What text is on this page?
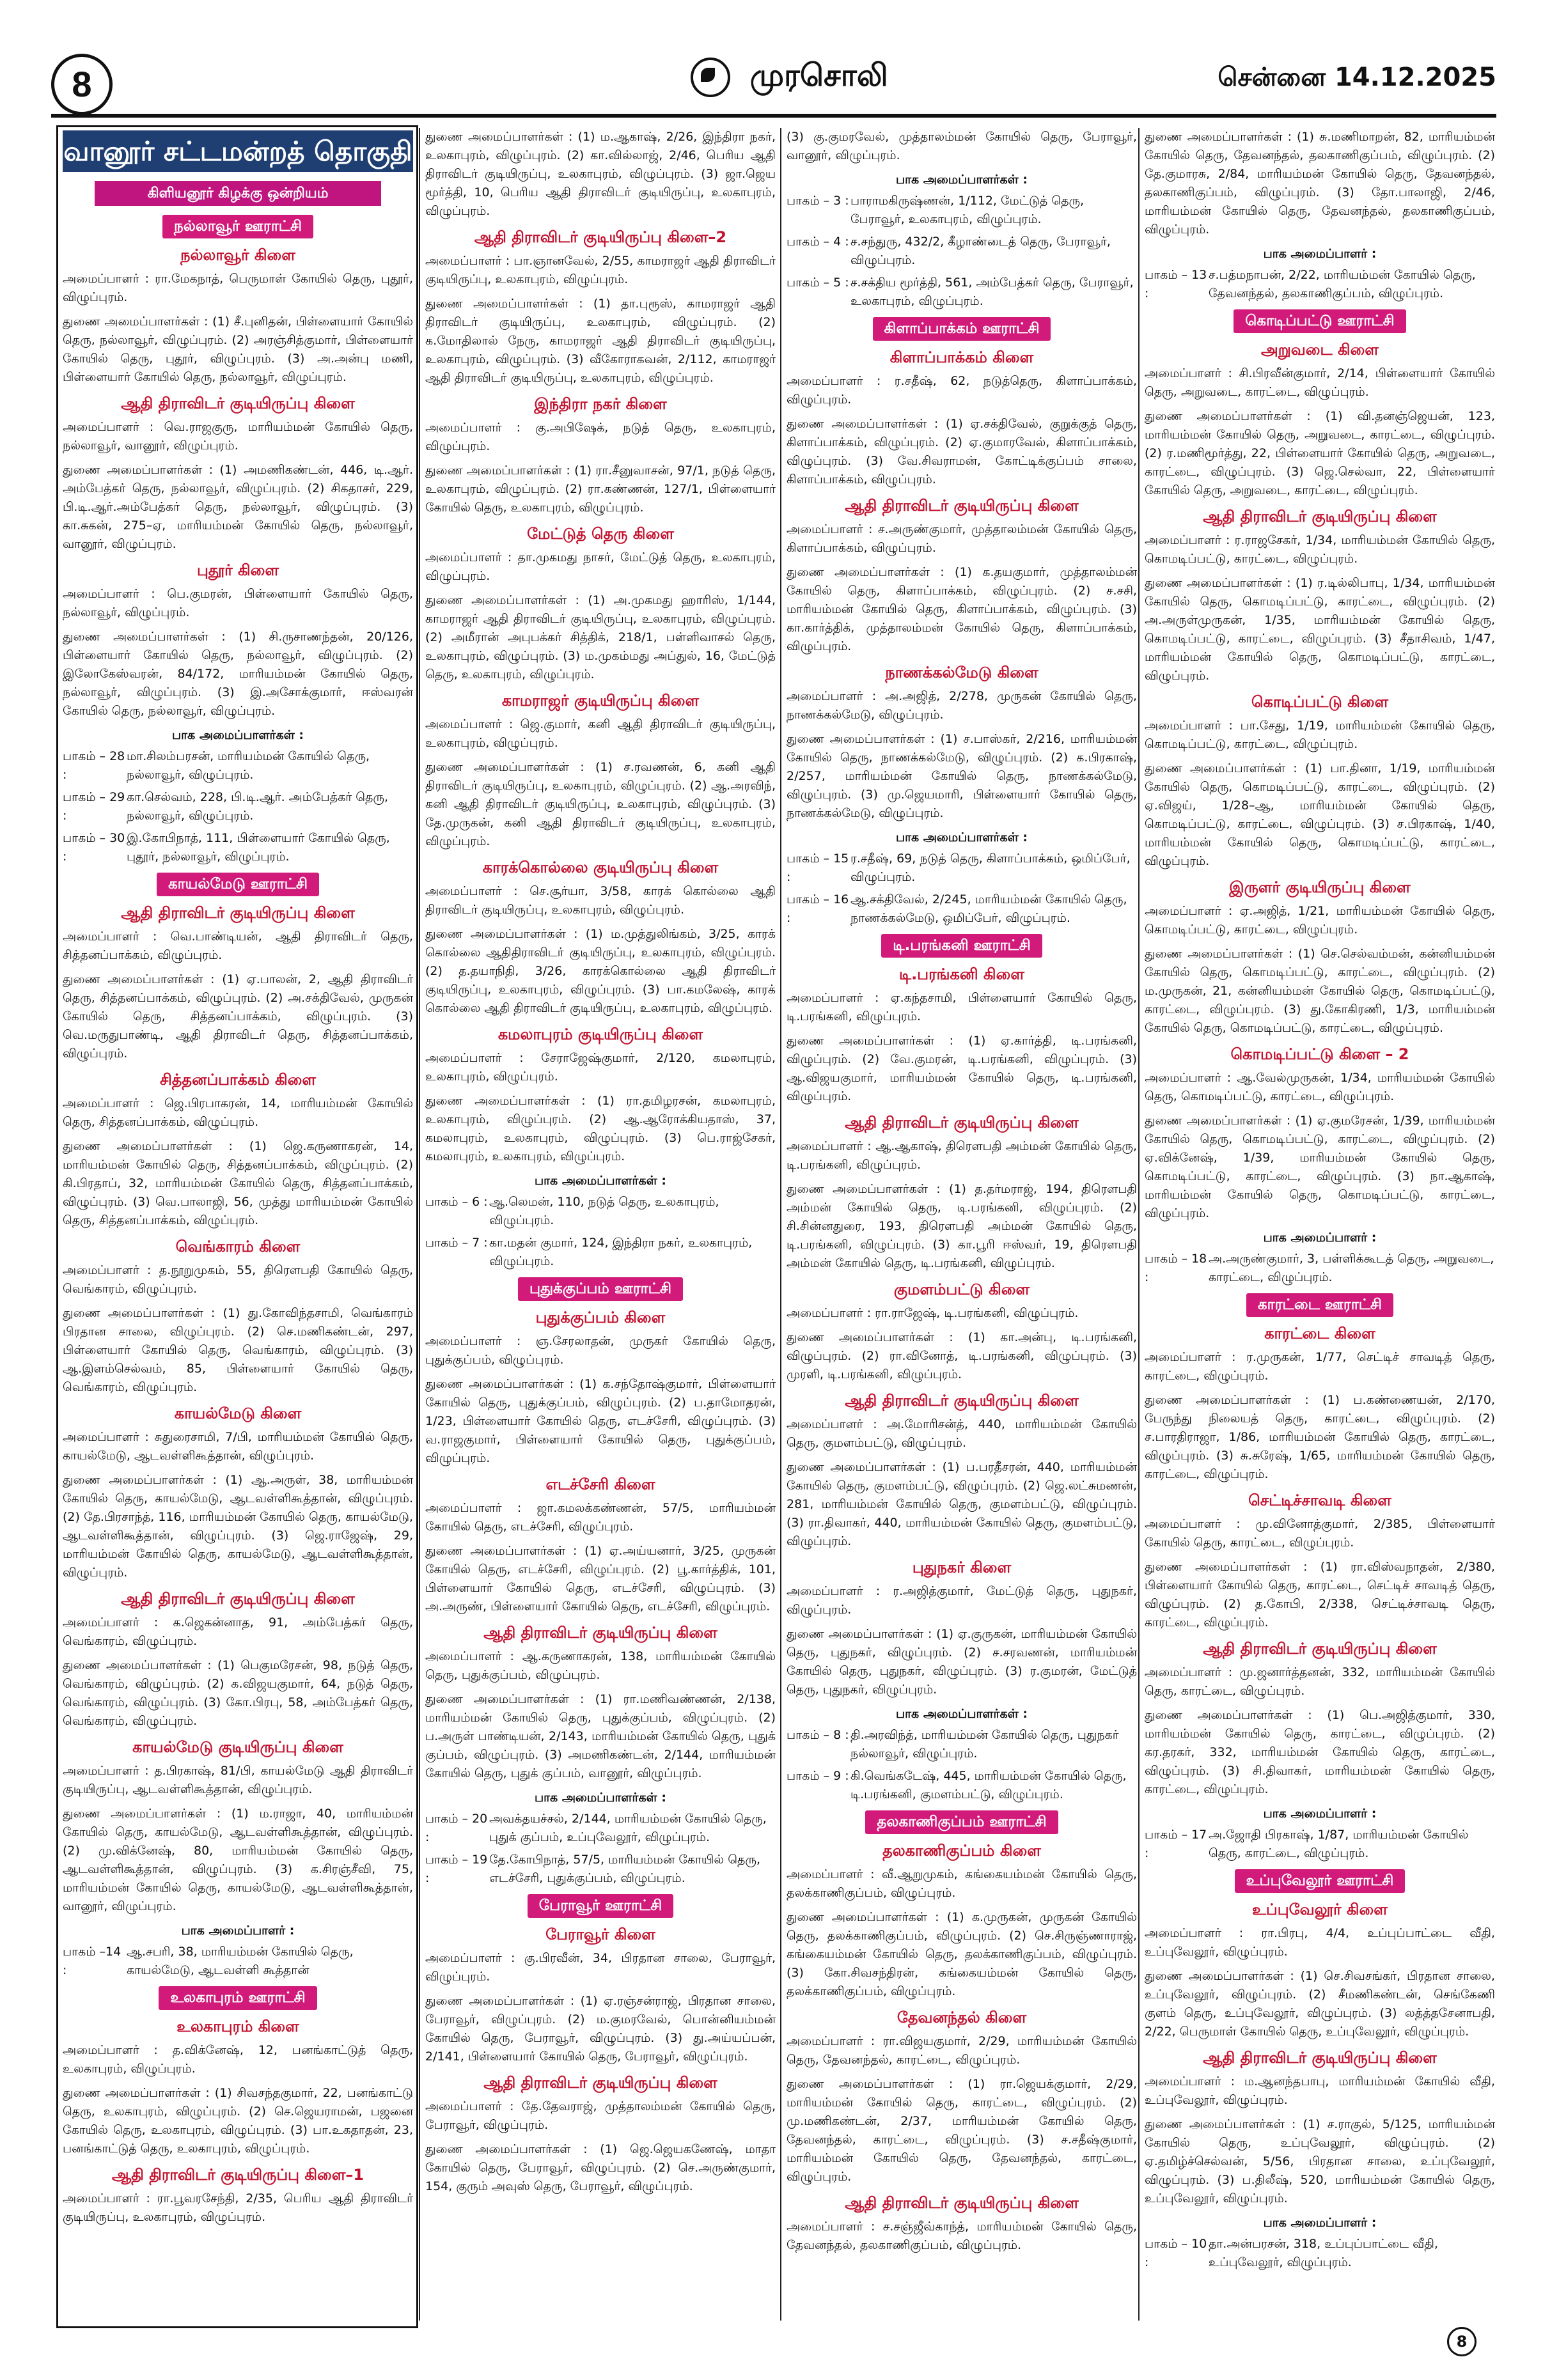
8	முரசொலி	சென்னை 14.12.2025
வானூர் சட்டமன்றத் தொகுதி
கிளியனூர் கிழக்கு ஒன்றியம்
நல்லாவூர் ஊராட்சி
நல்லாவூர் கிளை

அமைப்பாளர் : ரா.மேகநாத், பெருமாள் கோயில் தெரு, புதூர், விழுப்புரம்.

துணை அமைப்பாளர்கள் : (1) சீ.புனிதன், பிள்ளையார் கோயில் தெரு, நல்லாவூர், விழுப்புரம். (2) அரஞ்சித்குமார், பிள்ளையார் கோயில் தெரு, புதூர், விழுப்புரம். (3) அ.அன்பு மணி, பிள்ளையார் கோயில் தெரு, நல்லாவூர், விழுப்புரம்.

ஆதி திராவிடர் குடியிருப்பு கிளை

அமைப்பாளர் : வெ.ராஜகுரு, மாரியம்மன் கோயில் தெரு, நல்லாவூர், வானூர், விழுப்புரம்.

துணை அமைப்பாளர்கள் : (1) அமணிகண்டன், 446, டி.ஆர். அம்பேத்கர் தெரு, நல்லாவூர், விழுப்புரம். (2) சிகதாசர், 229, பி.டி.ஆர்.அம்பேத்கர் தெரு, நல்லாவூர், விழுப்புரம். (3) கா.சுகன், 275–ஏ, மாரியம்மன் கோயில் தெரு, நல்லாவூர், வானூர், விழுப்புரம்.

புதூர் கிளை

அமைப்பாளர் : பெ.குமரன், பிள்ளையார் கோயில் தெரு, நல்லாவூர், விழுப்புரம்.

துணை அமைப்பாளர்கள் : (1) சி.ருசாணந்தன், 20/126, பிள்ளையார் கோயில் தெரு, நல்லாவூர், விழுப்புரம். (2) இலோகேஸ்வரன், 84/172, மாரியம்மன் கோயில் தெரு, நல்லாவூர், விழுப்புரம். (3) இ.அசோக்குமார், ஈஸ்வரன் கோயில் தெரு, நல்லாவூர், விழுப்புரம்.

பாக அமைப்பாளர்கள் :
பாகம் – 28 :
மா.சிலம்பரசன், மாரியம்மன் கோயில் தெரு, நல்லாவூர், விழுப்புரம்.
பாகம் – 29 :
கா.செல்வம், 228, பி.டி.ஆர். அம்பேத்கர் தெரு, நல்லாவூர், விழுப்புரம்.
பாகம் – 30 :
இ.கோபிநாத், 111, பிள்ளையார் கோயில் தெரு, புதூர், நல்லாவூர், விழுப்புரம்.
காயல்மேடு ஊராட்சி
ஆதி திராவிடர் குடியிருப்பு கிளை

அமைப்பாளர் : வெ.பாண்டியன், ஆதி திராவிடர் தெரு, சித்தனப்பாக்கம், விழுப்புரம்.

துணை அமைப்பாளர்கள் : (1) ஏ.பாலன், 2, ஆதி திராவிடர் தெரு, சித்தனப்பாக்கம், விழுப்புரம். (2) அ.சக்திவேல், முருகன் கோயில் தெரு, சித்தனப்பாக்கம், விழுப்புரம். (3) வெ.மருதுபாண்டி, ஆதி திராவிடர் தெரு, சித்தனப்பாக்கம், விழுப்புரம்.

சித்தனப்பாக்கம் கிளை

அமைப்பாளர் : ஜெ.பிரபாகரன், 14, மாரியம்மன் கோயில் தெரு, சித்தனப்பாக்கம், விழுப்புரம்.

துணை அமைப்பாளர்கள் : (1) ஜெ.கருணாகரன், 14, மாரியம்மன் கோயில் தெரு, சித்தனப்பாக்கம், விழுப்புரம். (2) கி.பிரதாப், 32, மாரியம்மன் கோயில் தெரு, சித்தனப்பாக்கம், விழுப்புரம். (3) வெ.பாலாஜி, 56, முத்து மாரியம்மன் கோயில் தெரு, சித்தனப்பாக்கம், விழுப்புரம்.

வெங்காரம் கிளை

அமைப்பாளர் : த.நூறுமுகம், 55, திரௌபதி கோயில் தெரு, வெங்காரம், விழுப்புரம்.

துணை அமைப்பாளர்கள் : (1) து.கோவிந்தசாமி, வெங்காரம் பிரதான சாலை, விழுப்புரம். (2) செ.மணிகண்டன், 297, பிள்ளையார் கோயில் தெரு, வெங்காரம், விழுப்புரம். (3) ஆ.இளம்செல்வம், 85, பிள்ளையார் கோயில் தெரு, வெங்காரம், விழுப்புரம்.

காயல்மேடு கிளை

அமைப்பாளர் : சுதுரைசாமி, 7/பி, மாரியம்மன் கோயில் தெரு, காயல்மேடு, ஆடவள்ளிகூத்தான், விழுப்புரம்.

துணை அமைப்பாளர்கள் : (1) ஆ.அருள், 38, மாரியம்மன் கோயில் தெரு, காயல்மேடு, ஆடவள்ளிகூத்தான், விழுப்புரம். (2) தே.பிரசாந்த், 116, மாரியம்மன் கோயில் தெரு, காயல்மேடு, ஆடவள்ளிகூத்தான், விழுப்புரம். (3) ஜெ.ராஜேஷ், 29, மாரியம்மன் கோயில் தெரு, காயல்மேடு, ஆடவள்ளிகூத்தான், விழுப்புரம்.

ஆதி திராவிடர் குடியிருப்பு கிளை

அமைப்பாளர் : க.ஜெகன்னாத, 91, அம்பேத்கர் தெரு, வெங்காரம், விழுப்புரம்.

துணை அமைப்பாளர்கள் : (1) பெகுமரேசன், 98, நடுத் தெரு, வெங்காரம், விழுப்புரம். (2) க.விஜயகுமார், 64, நடுத் தெரு, வெங்காரம், விழுப்புரம். (3) கோ.பிரபு, 58, அம்பேத்கர் தெரு, வெங்காரம், விழுப்புரம்.

காயல்மேடு குடியிருப்பு கிளை

அமைப்பாளர் : த.பிரகாஷ், 81/பி, காயல்மேடு ஆதி திராவிடர் குடியிருப்பு, ஆடவள்ளிகூத்தான், விழுப்புரம்.

துணை அமைப்பாளர்கள் : (1) ம.ராஜா, 40, மாரியம்மன் கோயில் தெரு, காயல்மேடு, ஆடவள்ளிகூத்தான், விழுப்புரம். (2) மு.விக்னேஷ், 80, மாரியம்மன் கோயில் தெரு, ஆடவள்ளிகூத்தான், விழுப்புரம். (3) க.சிரஞ்சீவி, 75, மாரியம்மன் கோயில் தெரு, காயல்மேடு, ஆடவள்ளிகூத்தான், வானூர், விழுப்புரம்.

பாக அமைப்பாளர் :
பாகம் –14 :
ஆ.சபரி, 38, மாரியம்மன் கோயில் தெரு, காயல்மேடு, ஆடவள்ளி கூத்தான்
உலகாபுரம் ஊராட்சி
உலகாபுரம் கிளை

அமைப்பாளர் : த.விக்னேஷ், 12, பனங்காட்டுத் தெரு, உலகாபுரம், விழுப்புரம்.

துணை அமைப்பாளர்கள் : (1) சிவசந்தகுமார், 22, பனங்காட்டு தெரு, உலகாபுரம், விழுப்புரம். (2) செ.ஜெயராமன், பஜனை கோயில் தெரு, உலகாபுரம், விழுப்புரம். (3) பா.உகதாதன், 23, பனங்காட்டுத் தெரு, உலகாபுரம், விழுப்புரம்.

ஆதி திராவிடர் குடியிருப்பு கிளை–1

அமைப்பாளர் : ரா.பூவரசேந்தி, 2/35, பெரிய ஆதி திராவிடர் குடியிருப்பு, உலகாபுரம், விழுப்புரம்.

துணை அமைப்பாளர்கள் : (1) ம.ஆகாஷ், 2/26, இந்திரா நகர், உலகாபுரம், விழுப்புரம். (2) கா.வில்லாஜ், 2/46, பெரிய ஆதி திராவிடர் குடியிருப்பு, உலகாபுரம், விழுப்புரம். (3) ஜா.ஜெய மூர்த்தி, 10, பெரிய ஆதி திராவிடர் குடியிருப்பு, உலகாபுரம், விழுப்புரம்.

ஆதி திராவிடர் குடியிருப்பு கிளை–2

அமைப்பாளர் : பா.ஞானவேல், 2/55, காமராஜர் ஆதி திராவிடர் குடியிருப்பு, உலகாபுரம், விழுப்புரம்.

துணை அமைப்பாளர்கள் : (1) தா.புரூஸ், காமராஜர் ஆதி திராவிடர் குடியிருப்பு, உலகாபுரம், விழுப்புரம். (2) க.மோதிலால் நேரு, காமராஜர் ஆதி திராவிடர் குடியிருப்பு, உலகாபுரம், விழுப்புரம். (3) வீகோராகவன், 2/112, காமராஜர் ஆதி திராவிடர் குடியிருப்பு, உலகாபுரம், விழுப்புரம்.

இந்திரா நகர் கிளை

அமைப்பாளர் : கு.அபிஷேக், நடுத் தெரு, உலகாபுரம், விழுப்புரம்.

துணை அமைப்பாளர்கள் : (1) ரா.சீனுவாசன், 97/1, நடுத் தெரு, உலகாபுரம், விழுப்புரம். (2) ரா.கண்ணன், 127/1, பிள்ளையார் கோயில் தெரு, உலகாபுரம், விழுப்புரம்.

மேட்டுத் தெரு கிளை

அமைப்பாளர் : தா.முகமது நாசர், மேட்டுத் தெரு, உலகாபுரம், விழுப்புரம்.

துணை அமைப்பாளர்கள் : (1) அ.முகமது ஹாரிஸ், 1/144, காமராஜர் ஆதி திராவிடர் குடியிருப்பு, உலகாபுரம், விழுப்புரம். (2) அமீரான் அபுபக்கர் சித்திக், 218/1, பள்ளிவாசல் தெரு, உலகாபுரம், விழுப்புரம். (3) ம.முகம்மது அப்துல், 16, மேட்டுத் தெரு, உலகாபுரம், விழுப்புரம்.

காமராஜர் குடியிருப்பு கிளை

அமைப்பாளர் : ஜெ.குமார், கனி ஆதி திராவிடர் குடியிருப்பு, உலகாபுரம், விழுப்புரம்.

துணை அமைப்பாளர்கள் : (1) ச.ரவணன், 6, கனி ஆதி திராவிடர் குடியிருப்பு, உலகாபுரம், விழுப்புரம். (2) ஆ.அரவிந், கனி ஆதி திராவிடர் குடியிருப்பு, உலகாபுரம், விழுப்புரம். (3) தே.முருகன், கனி ஆதி திராவிடர் குடியிருப்பு, உலகாபுரம், விழுப்புரம்.

காரக்கொல்லை குடியிருப்பு கிளை

அமைப்பாளர் : செ.சூர்யா, 3/58, காரக் கொல்லை ஆதி திராவிடர் குடியிருப்பு, உலகாபுரம், விழுப்புரம்.

துணை அமைப்பாளர்கள் : (1) ம.முத்துலிங்கம், 3/25, காரக் கொல்லை ஆதிதிராவிடர் குடியிருப்பு, உலகாபுரம், விழுப்புரம். (2) த.தயாநிதி, 3/26, காரக்கொல்லை ஆதி திராவிடர் குடியிருப்பு, உலகாபுரம், விழுப்புரம். (3) பா.கமலேஷ், காரக் கொல்லை ஆதி திராவிடர் குடியிருப்பு, உலகாபுரம், விழுப்புரம்.

கமலாபுரம் குடியிருப்பு கிளை

அமைப்பாளர் : சேராஜேஷ்குமார், 2/120, கமலாபுரம், உலகாபுரம், விழுப்புரம்.

துணை அமைப்பாளர்கள் : (1) ரா.தமிழரசன், கமலாபுரம், உலகாபுரம், விழுப்புரம். (2) ஆ.ஆரோக்கியதாஸ், 37, கமலாபுரம், உலகாபுரம், விழுப்புரம். (3) பெ.ராஜ்சேகர், கமலாபுரம், உலகாபுரம், விழுப்புரம்.

பாக அமைப்பாளர்கள் :
பாகம் – 6 : ஆ.லெமன், 110, நடுத் தெரு, உலகாபுரம், விழுப்புரம்.
பாகம் – 7 : கா.மதன் குமார், 124, இந்திரா நகர், உலகாபுரம், விழுப்புரம்.
புதுக்குப்பம் ஊராட்சி
புதுக்குப்பம் கிளை

அமைப்பாளர் : ஞ.சேரலாதன், முருகர் கோயில் தெரு, புதுக்குப்பம், விழுப்புரம்.

துணை அமைப்பாளர்கள் : (1) க.சந்தோஷ்குமார், பிள்ளையார் கோயில் தெரு, புதுக்குப்பம், விழுப்புரம். (2) ப.தாமோதரன், 1/23, பிள்ளையார் கோயில் தெரு, எடச்சேரி, விழுப்புரம். (3) வ.ராஜகுமார், பிள்ளையார் கோயில் தெரு, புதுக்குப்பம், விழுப்புரம்.

எடச்சேரி கிளை

அமைப்பாளர் : ஜா.கமலக்கண்ணன், 57/5, மாரியம்மன் கோயில் தெரு, எடச்சேரி, விழுப்புரம்.

துணை அமைப்பாளர்கள் : (1) ஏ.அய்யனார், 3/25, முருகன் கோயில் தெரு, எடச்சேரி, விழுப்புரம். (2) பூ.கார்த்திக், 101, பிள்ளையார் கோயில் தெரு, எடச்சேரி, விழுப்புரம். (3) அ.அருண், பிள்ளையார் கோயில் தெரு, எடச்சேரி, விழுப்புரம்.

ஆதி திராவிடர் குடியிருப்பு கிளை

அமைப்பாளர் : ஆ.கருணாகரன், 138, மாரியம்மன் கோயில் தெரு, புதுக்குப்பம், விழுப்புரம்.

துணை அமைப்பாளர்கள் : (1) ரா.மணிவண்ணன், 2/138, மாரியம்மன் கோயில் தெரு, புதுக்குப்பம், விழுப்புரம். (2) ப.அருள் பாண்டியன், 2/143, மாரியம்மன் கோயில் தெரு, புதுக் குப்பம், விழுப்புரம். (3) அமணிகண்டன், 2/144, மாரியம்மன் கோயில் தெரு, புதுக் குப்பம், வானூர், விழுப்புரம்.

பாக அமைப்பாளர்கள் :
பாகம் – 20 :
அவக்தயச்சல், 2/144, மாரியம்மன் கோயில் தெரு, புதுக் குப்பம், உப்புவேலூர், விழுப்புரம்.
பாகம் – 19 :
தே.கோபிநாத், 57/5, மாரியம்மன் கோயில் தெரு, எடச்சேரி, புதுக்குப்பம், விழுப்புரம்.
பேராவூர் ஊராட்சி
பேராவூர் கிளை

அமைப்பாளர் : கு.பிரவீன், 34, பிரதான சாலை, பேராவூர், விழுப்புரம்.

துணை அமைப்பாளர்கள் : (1) ஏ.ரஞ்சன்ராஜ், பிரதான சாலை, பேராவூர், விழுப்புரம். (2) ம.குமரவேல், பொன்னியம்மன் கோயில் தெரு, பேராவூர், விழுப்புரம். (3) து.அய்யப்பன், 2/141, பிள்ளையார் கோயில் தெரு, பேராவூர், விழுப்புரம்.

ஆதி திராவிடர் குடியிருப்பு கிளை

அமைப்பாளர் : தே.தேவராஜ், முத்தாலம்மன் கோயில் தெரு, பேராவூர், விழுப்புரம்.

துணை அமைப்பாளர்கள் : (1) ஜெ.ஜெயகணேஷ், மாதா கோயில் தெரு, பேராவூர், விழுப்புரம். (2) செ.அருண்குமார், 154, குரும் அவுஸ் தெரு, பேராவூர், விழுப்புரம்.

(3) கு.குமரவேல், முத்தாலம்மன் கோயில் தெரு, பேராவூர், வானூர், விழுப்புரம்.

பாக அமைப்பாளர்கள் :
பாகம் – 3 : பாராமகிருஷ்ணன், 1/112, மேட்டுத் தெரு, பேராவூர், உலகாபுரம், விழுப்புரம்.
பாகம் – 4 : ச.சந்துரு, 432/2, கீழாண்டைத் தெரு, பேராவூர், விழுப்புரம்.
பாகம் – 5 : ச.சக்திய மூர்த்தி, 561, அம்பேத்கர் தெரு, பேராவூர், உலகாபுரம், விழுப்புரம்.
கிளாப்பாக்கம் ஊராட்சி
கிளாப்பாக்கம் கிளை

அமைப்பாளர் : ர.சதீஷ், 62, நடுத்தெரு, கிளாப்பாக்கம், விழுப்புரம்.

துணை அமைப்பாளர்கள் : (1) ஏ.சக்திவேல், குறுக்குத் தெரு, கிளாப்பாக்கம், விழுப்புரம். (2) ஏ.குமாரவேல், கிளாப்பாக்கம், விழுப்புரம். (3) வே.சிவராமன், கோட்டிக்குப்பம் சாலை, கிளாப்பாக்கம், விழுப்புரம்.

ஆதி திராவிடர் குடியிருப்பு கிளை

அமைப்பாளர் : ச.அருண்குமார், முத்தாலம்மன் கோயில் தெரு, கிளாப்பாக்கம், விழுப்புரம்.

துணை அமைப்பாளர்கள் : (1) க.தயகுமார், முத்தாலம்மன் கோயில் தெரு, கிளாப்பாக்கம், விழுப்புரம். (2) ச.சசி, மாரியம்மன் கோயில் தெரு, கிளாப்பாக்கம், விழுப்புரம். (3) கா.கார்த்திக், முத்தாலம்மன் கோயில் தெரு, கிளாப்பாக்கம், விழுப்புரம்.

நாணக்கல்மேடு கிளை

அமைப்பாளர் : அ.அஜித், 2/278, முருகன் கோயில் தெரு, நாணக்கல்மேடு, விழுப்புரம்.

துணை அமைப்பாளர்கள் : (1) ச.பாஸ்கர், 2/216, மாரியம்மன் கோயில் தெரு, நாணக்கல்மேடு, விழுப்புரம். (2) க.பிரகாஷ், 2/257, மாரியம்மன் கோயில் தெரு, நாணக்கல்மேடு, விழுப்புரம். (3) மு.ஜெயமாரி, பிள்ளையார் கோயில் தெரு, நாணக்கல்மேடு, விழுப்புரம்.

பாக அமைப்பாளர்கள் :
பாகம் – 15 :
ர.சதீஷ், 69, நடுத் தெரு, கிளாப்பாக்கம், ஒமிப்பேர், விழுப்புரம்.
பாகம் – 16 :
ஆ.சக்திவேல், 2/245, மாரியம்மன் கோயில் தெரு, நாணக்கல்மேடு, ஒமிப்பேர், விழுப்புரம்.
டி.பரங்கனி ஊராட்சி
டி.பரங்கனி கிளை

அமைப்பாளர் : ஏ.கந்தசாமி, பிள்ளையார் கோயில் தெரு, டி.பரங்கனி, விழுப்புரம்.

துணை அமைப்பாளர்கள் : (1) ஏ.கார்த்தி, டி.பரங்கனி, விழுப்புரம். (2) வே.குமரன், டி.பரங்கனி, விழுப்புரம். (3) ஆ.விஜயகுமார், மாரியம்மன் கோயில் தெரு, டி.பரங்கனி, விழுப்புரம்.

ஆதி திராவிடர் குடியிருப்பு கிளை

அமைப்பாளர் : ஆ.ஆகாஷ், திரௌபதி அம்மன் கோயில் தெரு, டி.பரங்கனி, விழுப்புரம்.

துணை அமைப்பாளர்கள் : (1) த.தர்மராஜ், 194, திரௌபதி அம்மன் கோயில் தெரு, டி.பரங்கனி, விழுப்புரம். (2) சி.சின்னதுரை, 193, திரௌபதி அம்மன் கோயில் தெரு, டி.பரங்கனி, விழுப்புரம். (3) கா.பூரி ஈஸ்வர், 19, திரௌபதி அம்மன் கோயில் தெரு, டி.பரங்கனி, விழுப்புரம்.

குமளம்பட்டு கிளை

அமைப்பாளர் : ரா.ராஜேஷ், டி.பரங்கனி, விழுப்புரம்.

துணை அமைப்பாளர்கள் : (1) கா.அன்பு, டி.பரங்கனி, விழுப்புரம். (2) ரா.வினோத், டி.பரங்கனி, விழுப்புரம். (3) முரளி, டி.பரங்கனி, விழுப்புரம்.

ஆதி திராவிடர் குடியிருப்பு கிளை

அமைப்பாளர் : அ.மோரிசன்த், 440, மாரியம்மன் கோயில் தெரு, குமளம்பட்டு, விழுப்புரம்.

துணை அமைப்பாளர்கள் : (1) ப.பரதீசரன், 440, மாரியம்மன் கோயில் தெரு, குமளம்பட்டு, விழுப்புரம். (2) ஜெ.லட்சுமணன், 281, மாரியம்மன் கோயில் தெரு, குமளம்பட்டு, விழுப்புரம். (3) ரா.திவாகர், 440, மாரியம்மன் கோயில் தெரு, குமளம்பட்டு, விழுப்புரம்.

புதுநகர் கிளை

அமைப்பாளர் : ர.அஜித்குமார், மேட்டுத் தெரு, புதுநகர், விழுப்புரம்.

துணை அமைப்பாளர்கள் : (1) ஏ.குருகன், மாரியம்மன் கோயில் தெரு, புதுநகர், விழுப்புரம். (2) ச.சரவணன், மாரியம்மன் கோயில் தெரு, புதுநகர், விழுப்புரம். (3) ர.குமரன், மேட்டுத் தெரு, புதுநகர், விழுப்புரம்.

பாக அமைப்பாளர்கள் :
பாகம் – 8 : தி.அரவிந்த், மாரியம்மன் கோயில் தெரு, புதுநகர் நல்லாவூர், விழுப்புரம்.
பாகம் – 9 : கி.வெங்கடேஷ், 445, மாரியம்மன் கோயில் தெரு, டி.பரங்கனி, குமளம்பட்டு, விழுப்புரம்.
தலகாணிகுப்பம் ஊராட்சி
தலகாணிகுப்பம் கிளை

அமைப்பாளர் : வீ.ஆறுமுகம், கங்கையம்மன் கோயில் தெரு, தலக்காணிகுப்பம், விழுப்புரம்.

துணை அமைப்பாளர்கள் : (1) க.முருகன், முருகன் கோயில் தெரு, தலக்காணிகுப்பம், விழுப்புரம். (2) செ.சிருஞ்ணாராஜ், கங்கையம்மன் கோயில் தெரு, தலக்காணிகுப்பம், விழுப்புரம். (3) கோ.சிவசந்திரன், கங்கையம்மன் கோயில் தெரு, தலக்காணிகுப்பம், விழுப்புரம்.

தேவனந்தல் கிளை

அமைப்பாளர் : ரா.விஜயகுமார், 2/29, மாரியம்மன் கோயில் தெரு, தேவனந்தல், காரட்டை, விழுப்புரம்.

துணை அமைப்பாளர்கள் : (1) ரா.ஜெயக்குமார், 2/29, மாரியம்மன் கோயில் தெரு, காரட்டை, விழுப்புரம். (2) மு.மணிகண்டன், 2/37, மாரியம்மன் கோயில் தெரு, தேவனந்தல், காரட்டை, விழுப்புரம். (3) ச.சதீஷ்குமார், மாரியம்மன் கோயில் தெரு, தேவனந்தல், காரட்டை, விழுப்புரம்.

ஆதி திராவிடர் குடியிருப்பு கிளை

அமைப்பாளர் : ச.சஞ்ஜீவ்காந்த், மாரியம்மன் கோயில் தெரு, தேவனந்தல், தலகாணிகுப்பம், விழுப்புரம்.

துணை அமைப்பாளர்கள் : (1) சு.மணிமாறன், 82, மாரியம்மன் கோயில் தெரு, தேவனந்தல், தலகாணிகுப்பம், விழுப்புரம். (2) தே.குமாரசு, 2/84, மாரியம்மன் கோயில் தெரு, தேவனந்தல், தலகாணிகுப்பம், விழுப்புரம். (3) தோ.பாலாஜி, 2/46, மாரியம்மன் கோயில் தெரு, தேவனந்தல், தலகாணிகுப்பம், விழுப்புரம்.

பாக அமைப்பாளர் :
பாகம் – 13 :
ச.பத்மநாபன், 2/22, மாரியம்மன் கோயில் தெரு, தேவனந்தல், தலகாணிகுப்பம், விழுப்புரம்.
கொடிப்பட்டு ஊராட்சி
அறுவடை கிளை

அமைப்பாளர் : சி.பிரவீன்குமார், 2/14, பிள்ளையார் கோயில் தெரு, அறுவடை, காரட்டை, விழுப்புரம்.

துணை அமைப்பாளர்கள் : (1) வி.தனஞ்ஜெயன், 123, மாரியம்மன் கோயில் தெரு, அறுவடை, காரட்டை, விழுப்புரம். (2) ர.மணிமூர்த்து, 22, பிள்ளையார் கோயில் தெரு, அறுவடை, காரட்டை, விழுப்புரம். (3) ஜெ.செல்வா, 22, பிள்ளையார் கோயில் தெரு, அறுவடை, காரட்டை, விழுப்புரம்.

ஆதி திராவிடர் குடியிருப்பு கிளை

அமைப்பாளர் : ர.ராஜசேகர், 1/34, மாரியம்மன் கோயில் தெரு, கொமடிப்பட்டு, காரட்டை, விழுப்புரம்.

துணை அமைப்பாளர்கள் : (1) ர.டில்லிபாபு, 1/34, மாரியம்மன் கோயில் தெரு, கொமடிப்பட்டு, காரட்டை, விழுப்புரம். (2) அ.அருள்முருகன், 1/35, மாரியம்மன் கோயில் தெரு, கொமடிப்பட்டு, காரட்டை, விழுப்புரம். (3) சீதாசிவம், 1/47, மாரியம்மன் கோயில் தெரு, கொமடிப்பட்டு, காரட்டை, விழுப்புரம்.

கொடிப்பட்டு கிளை

அமைப்பாளர் : பா.சேது, 1/19, மாரியம்மன் கோயில் தெரு, கொமடிப்பட்டு, காரட்டை, விழுப்புரம்.

துணை அமைப்பாளர்கள் : (1) பா.தினா, 1/19, மாரியம்மன் கோயில் தெரு, கொமடிப்பட்டு, காரட்டை, விழுப்புரம். (2) ஏ.விஜய், 1/28–ஆ, மாரியம்மன் கோயில் தெரு, கொமடிப்பட்டு, காரட்டை, விழுப்புரம். (3) ச.பிரகாஷ், 1/40, மாரியம்மன் கோயில் தெரு, கொமடிப்பட்டு, காரட்டை, விழுப்புரம்.

இருளர் குடியிருப்பு கிளை

அமைப்பாளர் : ஏ.அஜித், 1/21, மாரியம்மன் கோயில் தெரு, கொமடிப்பட்டு, காரட்டை, விழுப்புரம்.

துணை அமைப்பாளர்கள் : (1) செ.செல்வம்மன், கன்னியம்மன் கோயில் தெரு, கொமடிப்பட்டு, காரட்டை, விழுப்புரம். (2) ம.முருகன், 21, கன்னியம்மன் கோயில் தெரு, கொமடிப்பட்டு, காரட்டை, விழுப்புரம். (3) து.கோகிரணி, 1/3, மாரியம்மன் கோயில் தெரு, கொமடிப்பட்டு, காரட்டை, விழுப்புரம்.

கொமடிப்பட்டு கிளை – 2

அமைப்பாளர் : ஆ.வேல்முருகன், 1/34, மாரியம்மன் கோயில் தெரு, கொமடிப்பட்டு, காரட்டை, விழுப்புரம்.

துணை அமைப்பாளர்கள் : (1) ஏ.குமரேசன், 1/39, மாரியம்மன் கோயில் தெரு, கொமடிப்பட்டு, காரட்டை, விழுப்புரம். (2) ஏ.விக்னேஷ், 1/39, மாரியம்மன் கோயில் தெரு, கொமடிப்பட்டு, காரட்டை, விழுப்புரம். (3) நா.ஆகாஷ், மாரியம்மன் கோயில் தெரு, கொமடிப்பட்டு, காரட்டை, விழுப்புரம்.

பாக அமைப்பாளர் :
பாகம் – 18 :
அ.அருண்குமார், 3, பள்ளிக்கூடத் தெரு, அறுவடை, காரட்டை, விழுப்புரம்.
காரட்டை ஊராட்சி
காரட்டை கிளை

அமைப்பாளர் : ர.முருகன், 1/77, செட்டிச் சாவடித் தெரு, காரட்டை, விழுப்புரம்.

துணை அமைப்பாளர்கள் : (1) ப.கண்ணையன், 2/170, பேருந்து நிலையத் தெரு, காரட்டை, விழுப்புரம். (2) ச.பாரதிராஜா, 1/86, மாரியம்மன் கோயில் தெரு, காரட்டை, விழுப்புரம். (3) சு.சுரேஷ், 1/65, மாரியம்மன் கோயில் தெரு, காரட்டை, விழுப்புரம்.

செட்டிச்சாவடி கிளை

அமைப்பாளர் : மு.வினோத்குமார், 2/385, பிள்ளையார் கோயில் தெரு, காரட்டை, விழுப்புரம்.

துணை அமைப்பாளர்கள் : (1) ரா.விஸ்வநாதன், 2/380, பிள்ளையார் கோயில் தெரு, காரட்டை, செட்டிச் சாவடித் தெரு, விழுப்புரம். (2) த.கோபி, 2/338, செட்டிச்சாவடி தெரு, காரட்டை, விழுப்புரம்.

ஆதி திராவிடர் குடியிருப்பு கிளை

அமைப்பாளர் : மு.ஜனார்த்தனன், 332, மாரியம்மன் கோயில் தெரு, காரட்டை, விழுப்புரம்.

துணை அமைப்பாளர்கள் : (1) பெ.அஜித்குமார், 330, மாரியம்மன் கோயில் தெரு, காரட்டை, விழுப்புரம். (2) கர.தரகர், 332, மாரியம்மன் கோயில் தெரு, காரட்டை, விழுப்புரம். (3) சி.திவாகர், மாரியம்மன் கோயில் தெரு, காரட்டை, விழுப்புரம்.

பாக அமைப்பாளர் :
பாகம் – 17 :
அ.ஜோதி பிரகாஷ், 1/87, மாரியம்மன் கோயில் தெரு, காரட்டை, விழுப்புரம்.
உப்புவேலூர் ஊராட்சி
உப்புவேலூர் கிளை

அமைப்பாளர் : ரா.பிரபு, 4/4, உப்புப்பாட்டை வீதி, உப்புவேலூர், விழுப்புரம்.

துணை அமைப்பாளர்கள் : (1) செ.சிவசங்கர், பிரதான சாலை, உப்புவேலூர், விழுப்புரம். (2) சீமணிகண்டன், செங்கேணி குளம் தெரு, உப்புவேலூர், விழுப்புரம். (3) லத்த்தசேனாபதி, 2/22, பெருமாள் கோயில் தெரு, உப்புவேலூர், விழுப்புரம்.

ஆதி திராவிடர் குடியிருப்பு கிளை

அமைப்பாளர் : ம.ஆனந்தபாபு, மாரியம்மன் கோயில் வீதி, உப்புவேலூர், விழுப்புரம்.

துணை அமைப்பாளர்கள் : (1) ச.ராகுல், 5/125, மாரியம்மன் கோயில் தெரு, உப்புவேலூர், விழுப்புரம். (2) ஏ.தமிழ்ச்செல்வன், 5/56, பிரதான சாலை, உப்புவேலூர், விழுப்புரம். (3) ப.திலீஷ், 520, மாரியம்மன் கோயில் தெரு, உப்புவேலூர், விழுப்புரம்.

பாக அமைப்பாளர் :
பாகம் – 10 :
தா.அன்பரசன், 318, உப்புப்பாட்டை வீதி, உப்புவேலூர், விழுப்புரம்.
8
